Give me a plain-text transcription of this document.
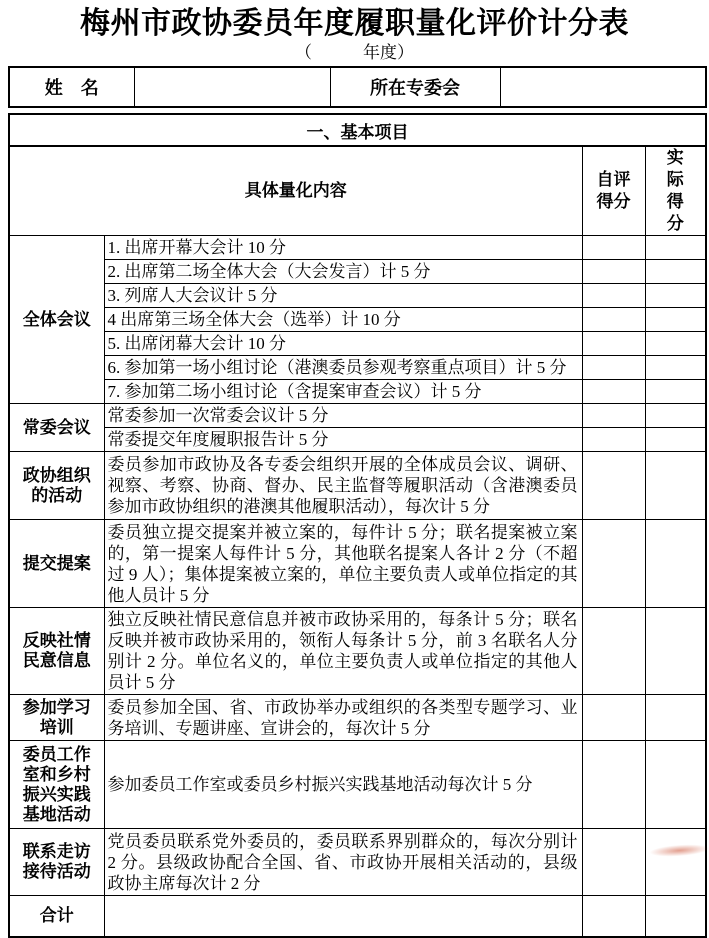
梅州市政协委员年度履职量化评价计分表
（　　　年度）
姓　名		所在专委会	
一、基本项目			
具体量化内容		自评得分	实际得分
全体会议	1. 出席开幕大会计 10 分		
	2. 出席第二场全体大会（大会发言）计 5 分		
	3. 列席人大会议计 5 分		
	4 出席第三场全体大会（选举）计 10 分		
	5. 出席闭幕大会计 10 分		
	6. 参加第一场小组讨论（港澳委员参观考察重点项目）计 5 分		
	7. 参加第二场小组讨论（含提案审查会议）计 5 分		
常委会议	常委参加一次常委会议计 5 分		
	常委提交年度履职报告计 5 分		
政协组织的活动	委员参加市政协及各专委会组织开展的全体成员会议、调研、视察、考察、协商、督办、民主监督等履职活动（含港澳委员参加市政协组织的港澳其他履职活动），每次计 5 分		
提交提案	委员独立提交提案并被立案的，每件计 5 分；联名提案被立案的，第一提案人每件计 5 分，其他联名提案人各计 2 分（不超过 9 人）；集体提案被立案的，单位主要负责人或单位指定的其他人员计 5 分		
反映社情民意信息	独立反映社情民意信息并被市政协采用的，每条计 5 分；联名反映并被市政协采用的，领衔人每条计 5 分，前 3 名联名人分别计 2 分。单位名义的，单位主要负责人或单位指定的其他人员计 5 分		
参加学习培训	委员参加全国、省、市政协举办或组织的各类型专题学习、业务培训、专题讲座、宣讲会的，每次计 5 分		
委员工作室和乡村振兴实践基地活动	参加委员工作室或委员乡村振兴实践基地活动每次计 5 分		
联系走访接待活动	党员委员联系党外委员的，委员联系界别群众的，每次分别计 2 分。县级政协配合全国、省、市政协开展相关活动的，县级政协主席每次计 2 分		
合计			
